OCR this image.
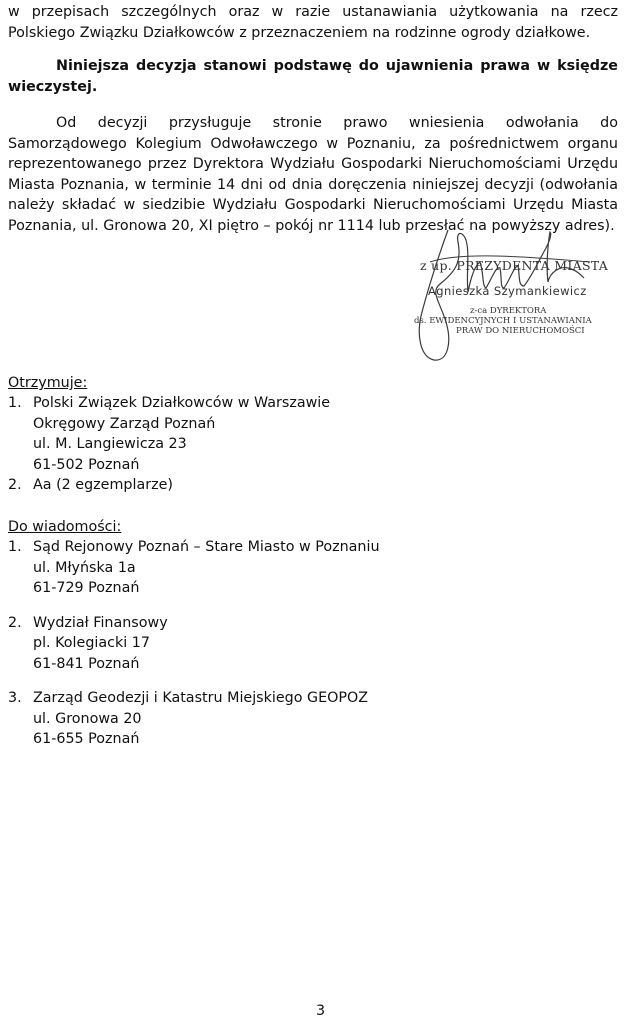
w przepisach szczególnych oraz w razie ustanawiania użytkowania na rzecz Polskiego Związku Działkowców z przeznaczeniem na rodzinne ogrody działkowe.
Niniejsza decyzja stanowi podstawę do ujawnienia prawa w księdze wieczystej.
Od decyzji przysługuje stronie prawo wniesienia odwołania do Samorządowego Kolegium Odwoławczego w Poznaniu, za pośrednictwem organu reprezentowanego przez Dyrektora Wydziału Gospodarki Nieruchomościami Urzędu Miasta Poznania, w terminie 14 dni od dnia doręczenia niniejszej decyzji (odwołania należy składać w siedzibie Wydziału Gospodarki Nieruchomościami Urzędu Miasta Poznania, ul. Gronowa 20, XI piętro – pokój nr 1114 lub przesłać na powyższy adres).
z up. PREZYDENTA MIASTA
Agnieszka Szymankiewicz
z-ca DYREKTORA
ds. EWIDENCYJNYCH I USTANAWIANIA
PRAW DO NIERUCHOMOŚCI
Otrzymuje:
1. Polski Związek Działkowców w Warszawie
Okręgowy Zarząd Poznań
ul. M. Langiewicza 23
61-502 Poznań
2. Aa (2 egzemplarze)
Do wiadomości:
1. Sąd Rejonowy Poznań – Stare Miasto w Poznaniu
ul. Młyńska 1a
61-729 Poznań
2. Wydział Finansowy
pl. Kolegiacki 17
61-841 Poznań
3. Zarząd Geodezji i Katastru Miejskiego GEOPOZ
ul. Gronowa 20
61-655 Poznań
3
